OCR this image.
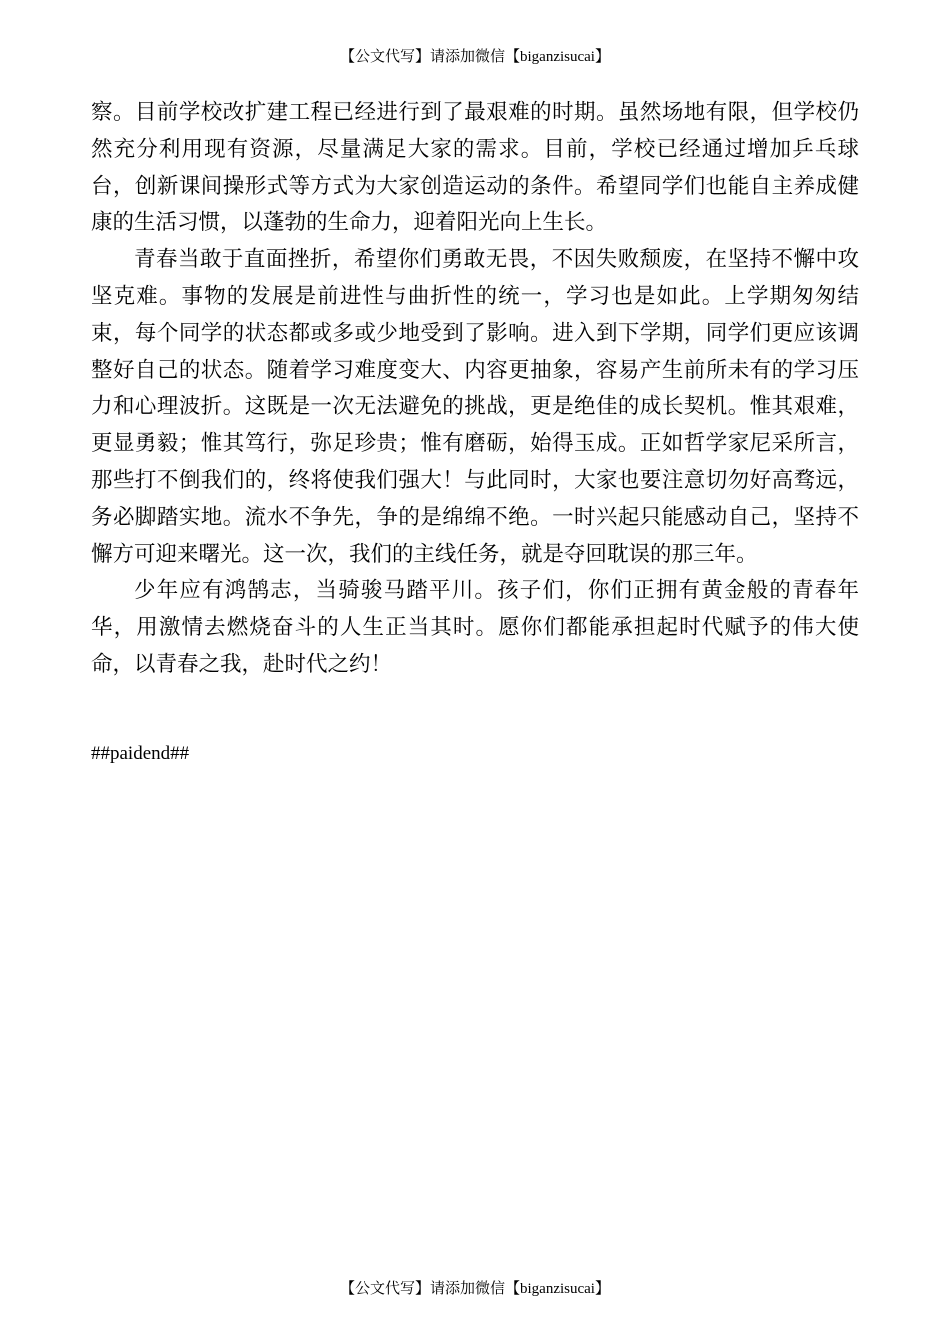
【公文代写】请添加微信【biganzisucai】

察。目前学校改扩建工程已经进行到了最艰难的时期。虽然场地有限，但学校仍然充分利用现有资源，尽量满足大家的需求。目前，学校已经通过增加乒乓球台，创新课间操形式等方式为大家创造运动的条件。希望同学们也能自主养成健康的生活习惯，以蓬勃的生命力，迎着阳光向上生长。

青春当敢于直面挫折，希望你们勇敢无畏，不因失败颓废，在坚持不懈中攻坚克难。事物的发展是前进性与曲折性的统一，学习也是如此。上学期匆匆结束，每个同学的状态都或多或少地受到了影响。进入到下学期，同学们更应该调整好自己的状态。随着学习难度变大、内容更抽象，容易产生前所未有的学习压力和心理波折。这既是一次无法避免的挑战，更是绝佳的成长契机。惟其艰难，更显勇毅；惟其笃行，弥足珍贵；惟有磨砺，始得玉成。正如哲学家尼采所言，那些打不倒我们的，终将使我们强大！与此同时，大家也要注意切勿好高骛远，务必脚踏实地。流水不争先，争的是绵绵不绝。一时兴起只能感动自己，坚持不懈方可迎来曙光。这一次，我们的主线任务，就是夺回耽误的那三年。

少年应有鸿鹄志，当骑骏马踏平川。孩子们，你们正拥有黄金般的青春年华，用激情去燃烧奋斗的人生正当其时。愿你们都能承担起时代赋予的伟大使命，以青春之我，赴时代之约！

##paidend##
【公文代写】请添加微信【biganzisucai】
